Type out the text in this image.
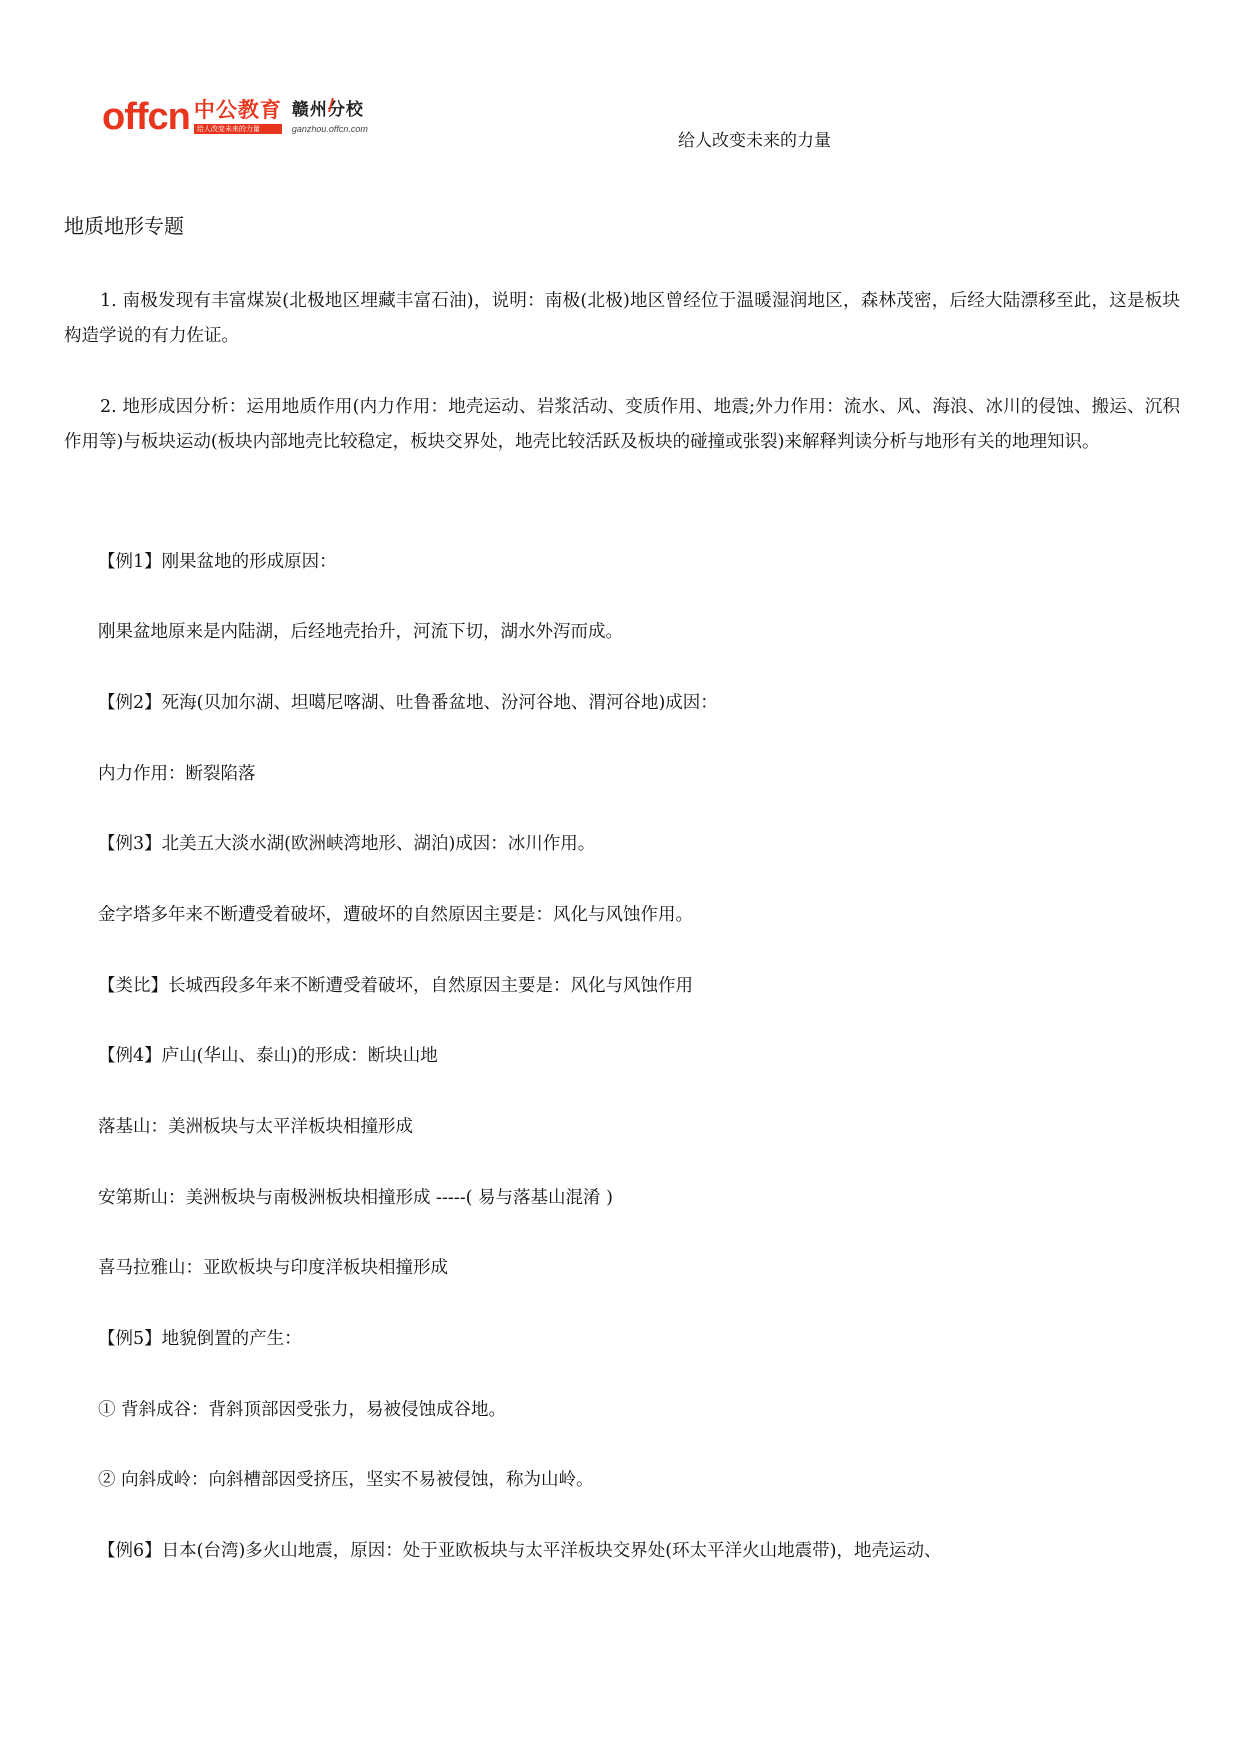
offcn 中公教育
给人改变未来的力量
赣州分校
ganzhou.offcn.com
给人改变未来的力量
地质地形专题

1. 南极发现有丰富煤炭(北极地区埋藏丰富石油)，说明：南极(北极)地区曾经位于温暖湿润地区，森林茂密，后经大陆漂移至此，这是板块构造学说的有力佐证。

2. 地形成因分析：运用地质作用(内力作用：地壳运动、岩浆活动、变质作用、地震;外力作用：流水、风、海浪、冰川的侵蚀、搬运、沉积作用等)与板块运动(板块内部地壳比较稳定，板块交界处，地壳比较活跃及板块的碰撞或张裂)来解释判读分析与地形有关的地理知识。

【例1】刚果盆地的形成原因：
刚果盆地原来是内陆湖，后经地壳抬升，河流下切，湖水外泻而成。
【例2】死海(贝加尔湖、坦噶尼喀湖、吐鲁番盆地、汾河谷地、渭河谷地)成因：
内力作用：断裂陷落
【例3】北美五大淡水湖(欧洲峡湾地形、湖泊)成因：冰川作用。
金字塔多年来不断遭受着破坏，遭破坏的自然原因主要是：风化与风蚀作用。
【类比】长城西段多年来不断遭受着破坏，自然原因主要是：风化与风蚀作用
【例4】庐山(华山、泰山)的形成：断块山地
落基山：美洲板块与太平洋板块相撞形成
安第斯山：美洲板块与南极洲板块相撞形成 -----( 易与落基山混淆 )
喜马拉雅山：亚欧板块与印度洋板块相撞形成
【例5】地貌倒置的产生：
① 背斜成谷：背斜顶部因受张力，易被侵蚀成谷地。
② 向斜成岭：向斜槽部因受挤压，坚实不易被侵蚀，称为山岭。
【例6】日本(台湾)多火山地震，原因：处于亚欧板块与太平洋板块交界处(环太平洋火山地震带)，地壳运动、
